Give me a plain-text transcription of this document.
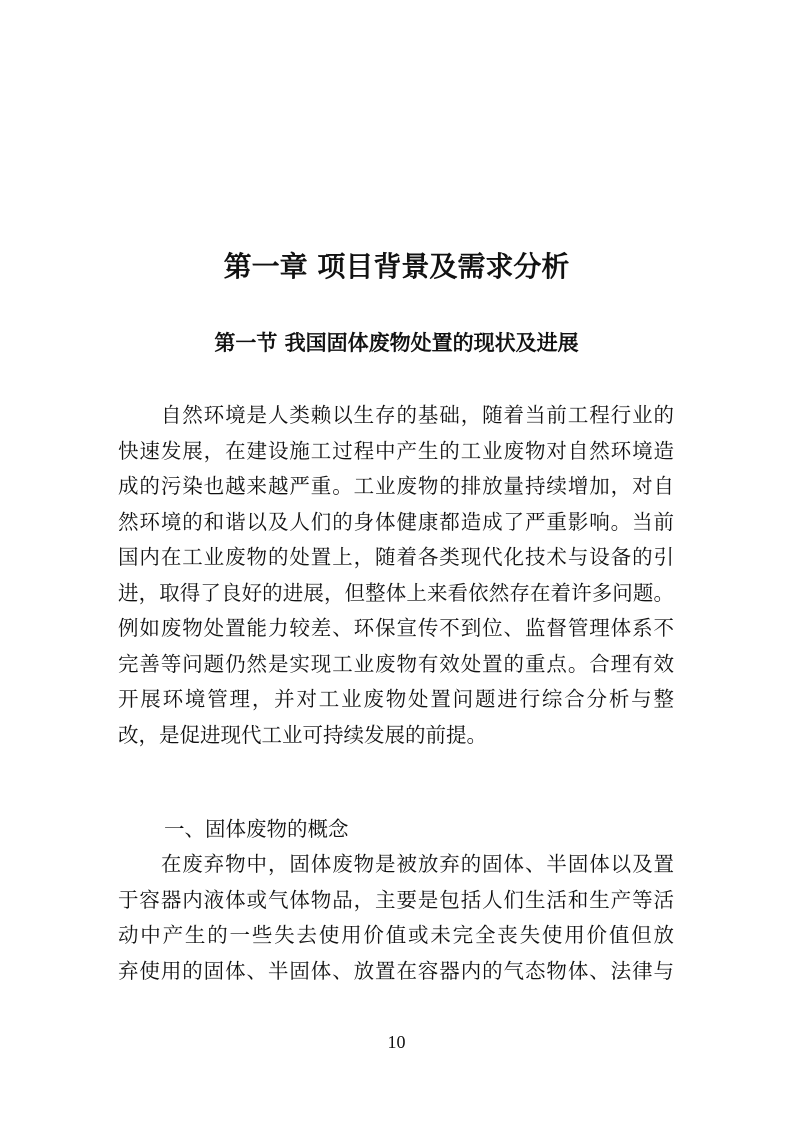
第一章 项目背景及需求分析
第一节 我国固体废物处置的现状及进展
　　自然环境是人类赖以生存的基础，随着当前工程行业的
快速发展，在建设施工过程中产生的工业废物对自然环境造
成的污染也越来越严重。工业废物的排放量持续增加，对自
然环境的和谐以及人们的身体健康都造成了严重影响。当前
国内在工业废物的处置上，随着各类现代化技术与设备的引
进，取得了良好的进展，但整体上来看依然存在着许多问题。
例如废物处置能力较差、环保宣传不到位、监督管理体系不
完善等问题仍然是实现工业废物有效处置的重点。合理有效
开展环境管理，并对工业废物处置问题进行综合分析与整
改，是促进现代工业可持续发展的前提。
一、固体废物的概念
　　在废弃物中，固体废物是被放弃的固体、半固体以及置
于容器内液体或气体物品，主要是包括人们生活和生产等活
动中产生的一些失去使用价值或未完全丧失使用价值但放
弃使用的固体、半固体、放置在容器内的气态物体、法律与
10
